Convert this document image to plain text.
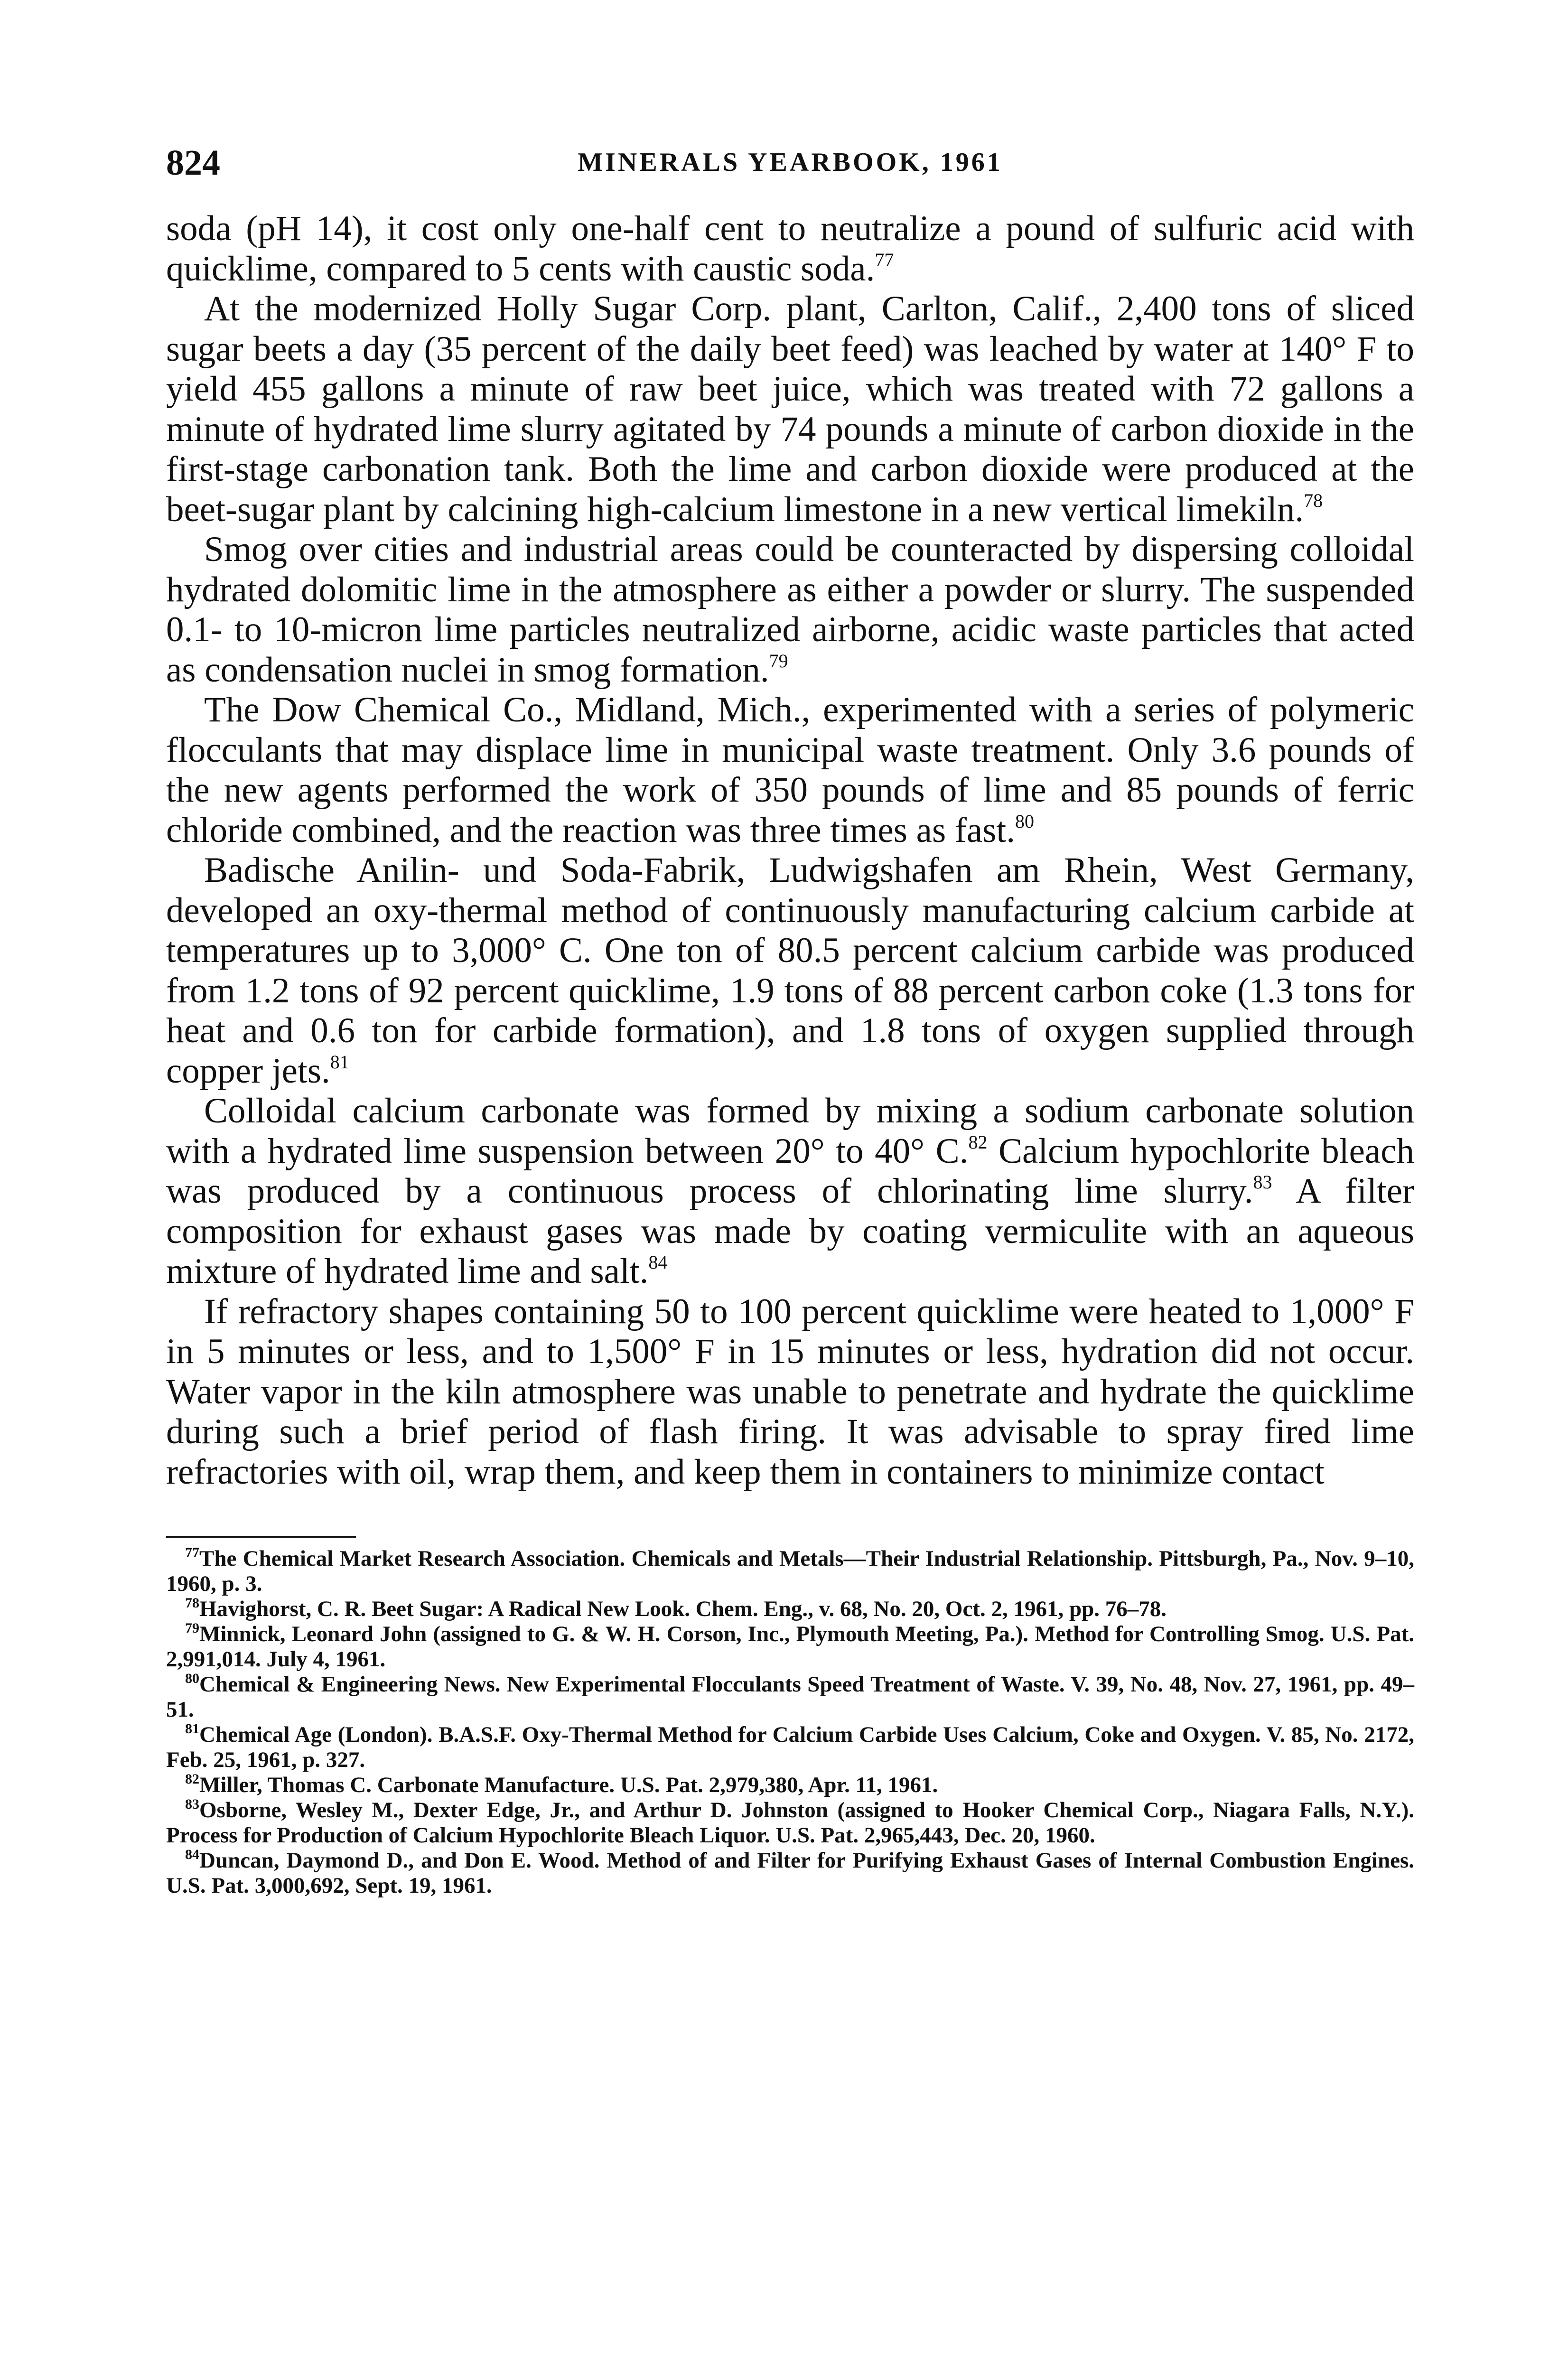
824	MINERALS YEARBOOK, 1961

soda (pH 14), it cost only one-half cent to neutralize a pound of sulfuric acid with quicklime, compared to 5 cents with caustic soda.$^{77}$

At the modernized Holly Sugar Corp. plant, Carlton, Calif., 2,400 tons of sliced sugar beets a day (35 percent of the daily beet feed) was leached by water at 140° F to yield 455 gallons a minute of raw beet juice, which was treated with 72 gallons a minute of hydrated lime slurry agitated by 74 pounds a minute of carbon dioxide in the first-stage carbonation tank. Both the lime and carbon dioxide were produced at the beet-sugar plant by calcining high-calcium limestone in a new vertical limekiln.$^{78}$

Smog over cities and industrial areas could be counteracted by dispersing colloidal hydrated dolomitic lime in the atmosphere as either a powder or slurry. The suspended 0.1- to 10-micron lime particles neutralized airborne, acidic waste particles that acted as condensation nuclei in smog formation.$^{79}$

The Dow Chemical Co., Midland, Mich., experimented with a series of polymeric flocculants that may displace lime in municipal waste treatment. Only 3.6 pounds of the new agents performed the work of 350 pounds of lime and 85 pounds of ferric chloride combined, and the reaction was three times as fast.$^{80}$

Badische Anilin- und Soda-Fabrik, Ludwigshafen am Rhein, West Germany, developed an oxy-thermal method of continuously manufacturing calcium carbide at temperatures up to 3,000° C. One ton of 80.5 percent calcium carbide was produced from 1.2 tons of 92 percent quicklime, 1.9 tons of 88 percent carbon coke (1.3 tons for heat and 0.6 ton for carbide formation), and 1.8 tons of oxygen supplied through copper jets.$^{81}$

Colloidal calcium carbonate was formed by mixing a sodium carbonate solution with a hydrated lime suspension between 20° to 40° C.$^{82}$ Calcium hypochlorite bleach was produced by a continuous process of chlorinating lime slurry.$^{83}$ A filter composition for exhaust gases was made by coating vermiculite with an aqueous mixture of hydrated lime and salt.$^{84}$

If refractory shapes containing 50 to 100 percent quicklime were heated to 1,000° F in 5 minutes or less, and to 1,500° F in 15 minutes or less, hydration did not occur. Water vapor in the kiln atmosphere was unable to penetrate and hydrate the quicklime during such a brief period of flash firing. It was advisable to spray fired lime refractories with oil, wrap them, and keep them in containers to minimize contact

$^{77}$The Chemical Market Research Association. Chemicals and Metals—Their Industrial Relationship. Pittsburgh, Pa., Nov. 9–10, 1960, p. 3.

$^{78}$Havighorst, C. R. Beet Sugar: A Radical New Look. Chem. Eng., v. 68, No. 20, Oct. 2, 1961, pp. 76–78.

$^{79}$Minnick, Leonard John (assigned to G. & W. H. Corson, Inc., Plymouth Meeting, Pa.). Method for Controlling Smog. U.S. Pat. 2,991,014. July 4, 1961.

$^{80}$Chemical & Engineering News. New Experimental Flocculants Speed Treatment of Waste. V. 39, No. 48, Nov. 27, 1961, pp. 49–51.

$^{81}$Chemical Age (London). B.A.S.F. Oxy-Thermal Method for Calcium Carbide Uses Calcium, Coke and Oxygen. V. 85, No. 2172, Feb. 25, 1961, p. 327.

$^{82}$Miller, Thomas C. Carbonate Manufacture. U.S. Pat. 2,979,380, Apr. 11, 1961.

$^{83}$Osborne, Wesley M., Dexter Edge, Jr., and Arthur D. Johnston (assigned to Hooker Chemical Corp., Niagara Falls, N.Y.). Process for Production of Calcium Hypochlorite Bleach Liquor. U.S. Pat. 2,965,443, Dec. 20, 1960.

$^{84}$Duncan, Daymond D., and Don E. Wood. Method of and Filter for Purifying Exhaust Gases of Internal Combustion Engines. U.S. Pat. 3,000,692, Sept. 19, 1961.
